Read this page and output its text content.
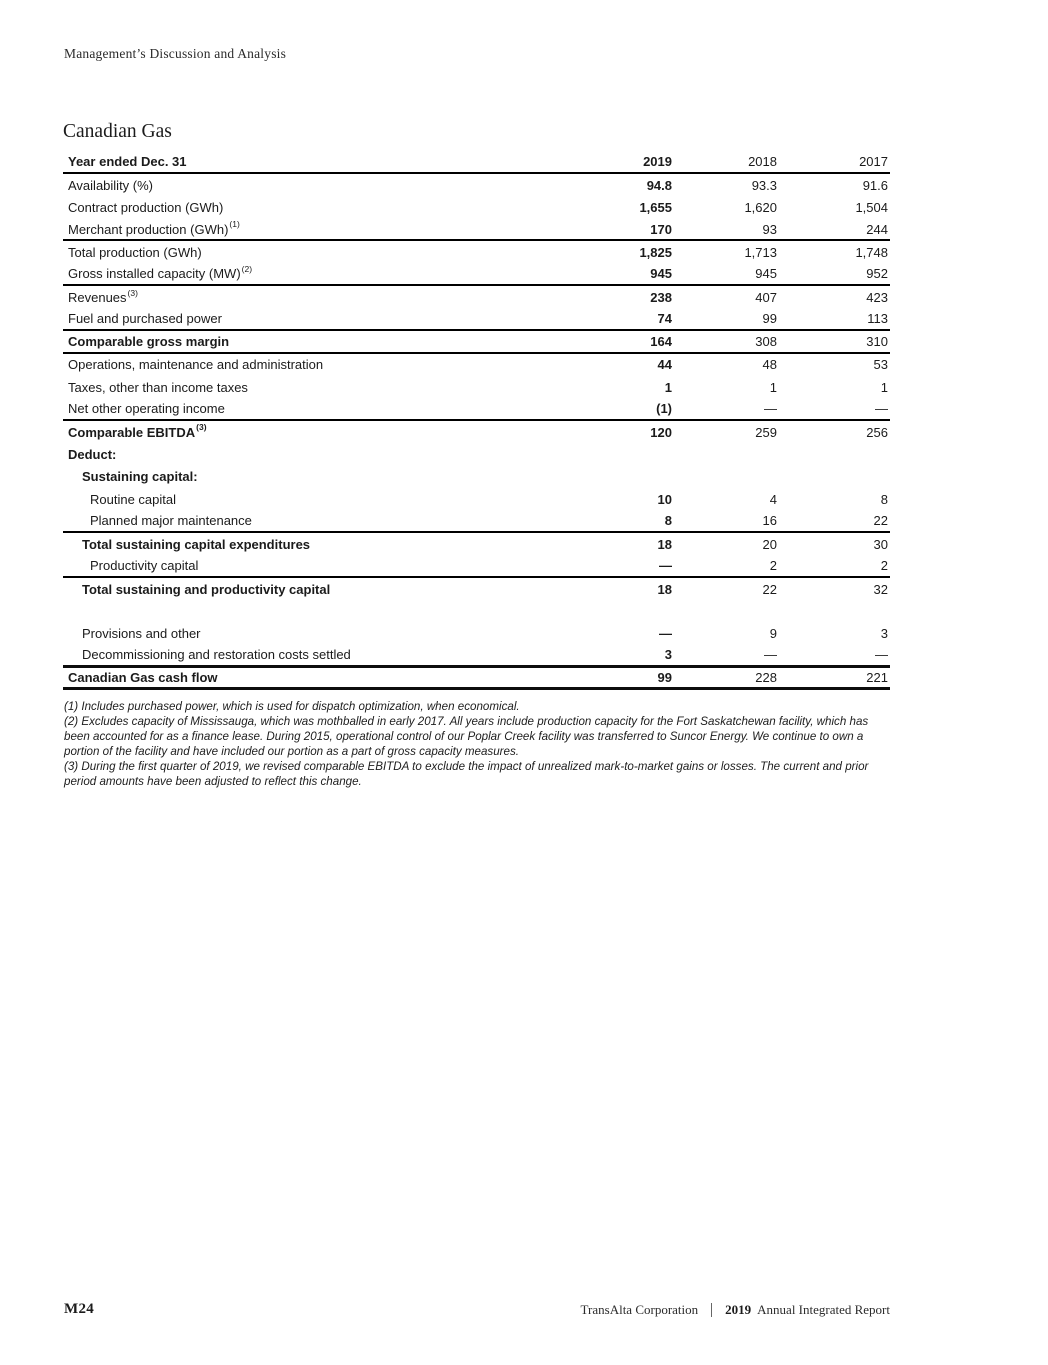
Management’s Discussion and Analysis
Canadian Gas
Year ended Dec. 31	2019	2018	2017
Availability (%)	94.8	93.3	91.6
Contract production (GWh)	1,655	1,620	1,504
Merchant production (GWh)$^{(1)}$	170	93	244
Total production (GWh)	1,825	1,713	1,748
Gross installed capacity (MW)$^{(2)}$	945	945	952
Revenues$^{(3)}$	238	407	423
Fuel and purchased power	74	99	113
Comparable gross margin	164	308	310
Operations, maintenance and administration	44	48	53
Taxes, other than income taxes	1	1	1
Net other operating income	(1)	—	—
Comparable EBITDA$^{(3)}$	120	259	256
Deduct:
Sustaining capital:
Routine capital	10	4	8
Planned major maintenance	8	16	22
Total sustaining capital expenditures	18	20	30
Productivity capital	—	2	2
Total sustaining and productivity capital	18	22	32
Provisions and other	—	9	3
Decommissioning and restoration costs settled	3	—	—
Canadian Gas cash flow	99	228	221

(1) Includes purchased power, which is used for dispatch optimization, when economical.

(2) Excludes capacity of Mississauga, which was mothballed in early 2017. All years include production capacity for the Fort Saskatchewan facility, which has been accounted for as a finance lease. During 2015, operational control of our Poplar Creek facility was transferred to Suncor Energy. We continue to own a portion of the facility and have included our portion as a part of gross capacity measures.

(3) During the first quarter of 2019, we revised comparable EBITDA to exclude the impact of unrealized mark-to-market gains or losses. The current and prior period amounts have been adjusted to reflect this change.

M24	TransAlta Corporation 2019 Annual Integrated Report
